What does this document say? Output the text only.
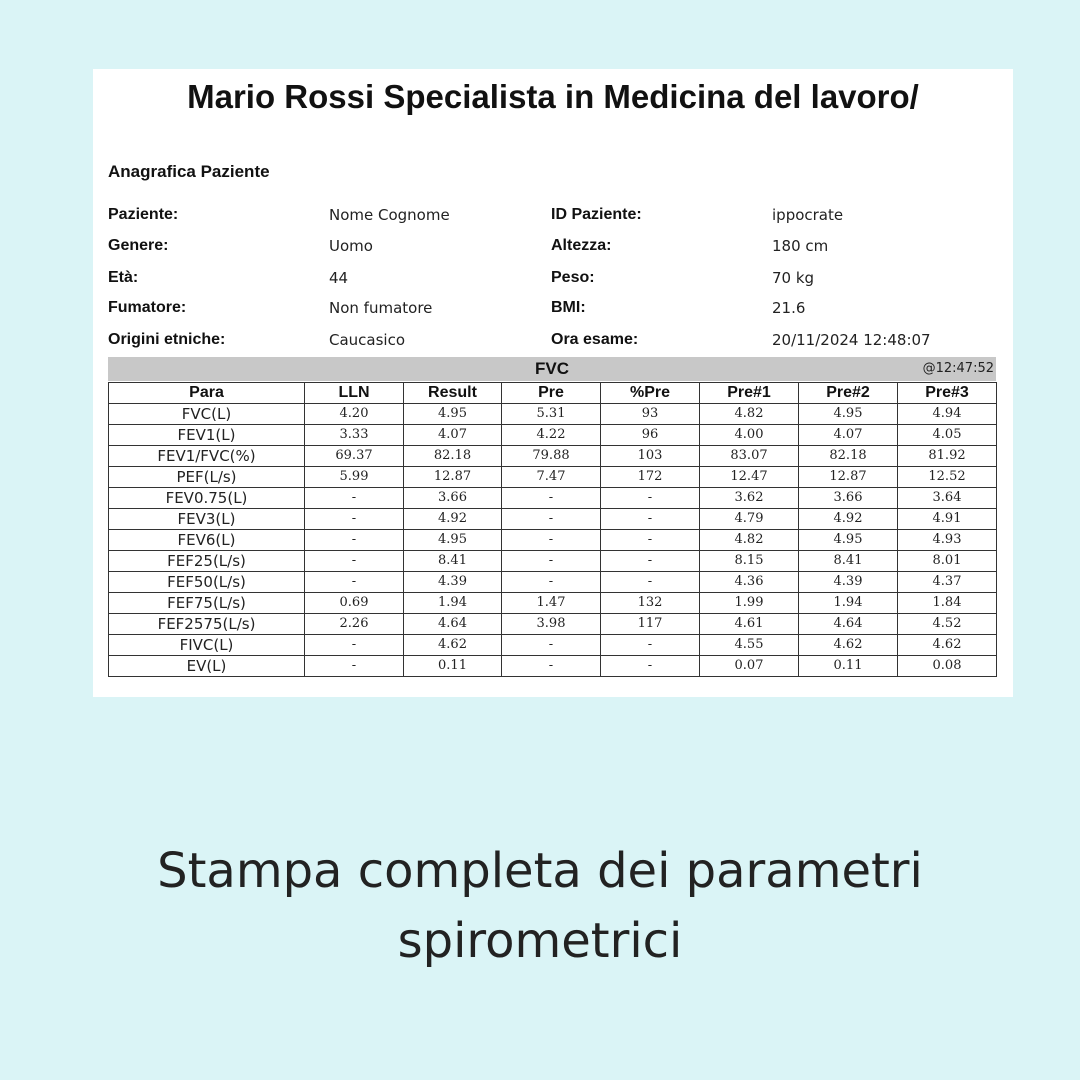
Mario Rossi Specialista in Medicina del lavoro/
Anagrafica Paziente
Paziente:	Nome Cognome	ID Paziente:	ippocrate
Genere:	Uomo	Altezza:	180 cm
Età:	44	Peso:	70 kg
Fumatore:	Non fumatore	BMI:	21.6
Origini etniche:	Caucasico	Ora esame:	20/11/2024 12:48:07
FVC	@12:47:52
Para	LLN	Result	Pre	%Pre	Pre#1	Pre#2	Pre#3
FVC(L)	4.20	4.95	5.31	93	4.82	4.95	4.94
FEV1(L)	3.33	4.07	4.22	96	4.00	4.07	4.05
FEV1/FVC(%)	69.37	82.18	79.88	103	83.07	82.18	81.92
PEF(L/s)	5.99	12.87	7.47	172	12.47	12.87	12.52
FEV0.75(L)	-	3.66	-	-	3.62	3.66	3.64
FEV3(L)	-	4.92	-	-	4.79	4.92	4.91
FEV6(L)	-	4.95	-	-	4.82	4.95	4.93
FEF25(L/s)	-	8.41	-	-	8.15	8.41	8.01
FEF50(L/s)	-	4.39	-	-	4.36	4.39	4.37
FEF75(L/s)	0.69	1.94	1.47	132	1.99	1.94	1.84
FEF2575(L/s)	2.26	4.64	3.98	117	4.61	4.64	4.52
FIVC(L)	-	4.62	-	-	4.55	4.62	4.62
EV(L)	-	0.11	-	-	0.07	0.11	0.08
Stampa completa dei parametri
spirometrici
